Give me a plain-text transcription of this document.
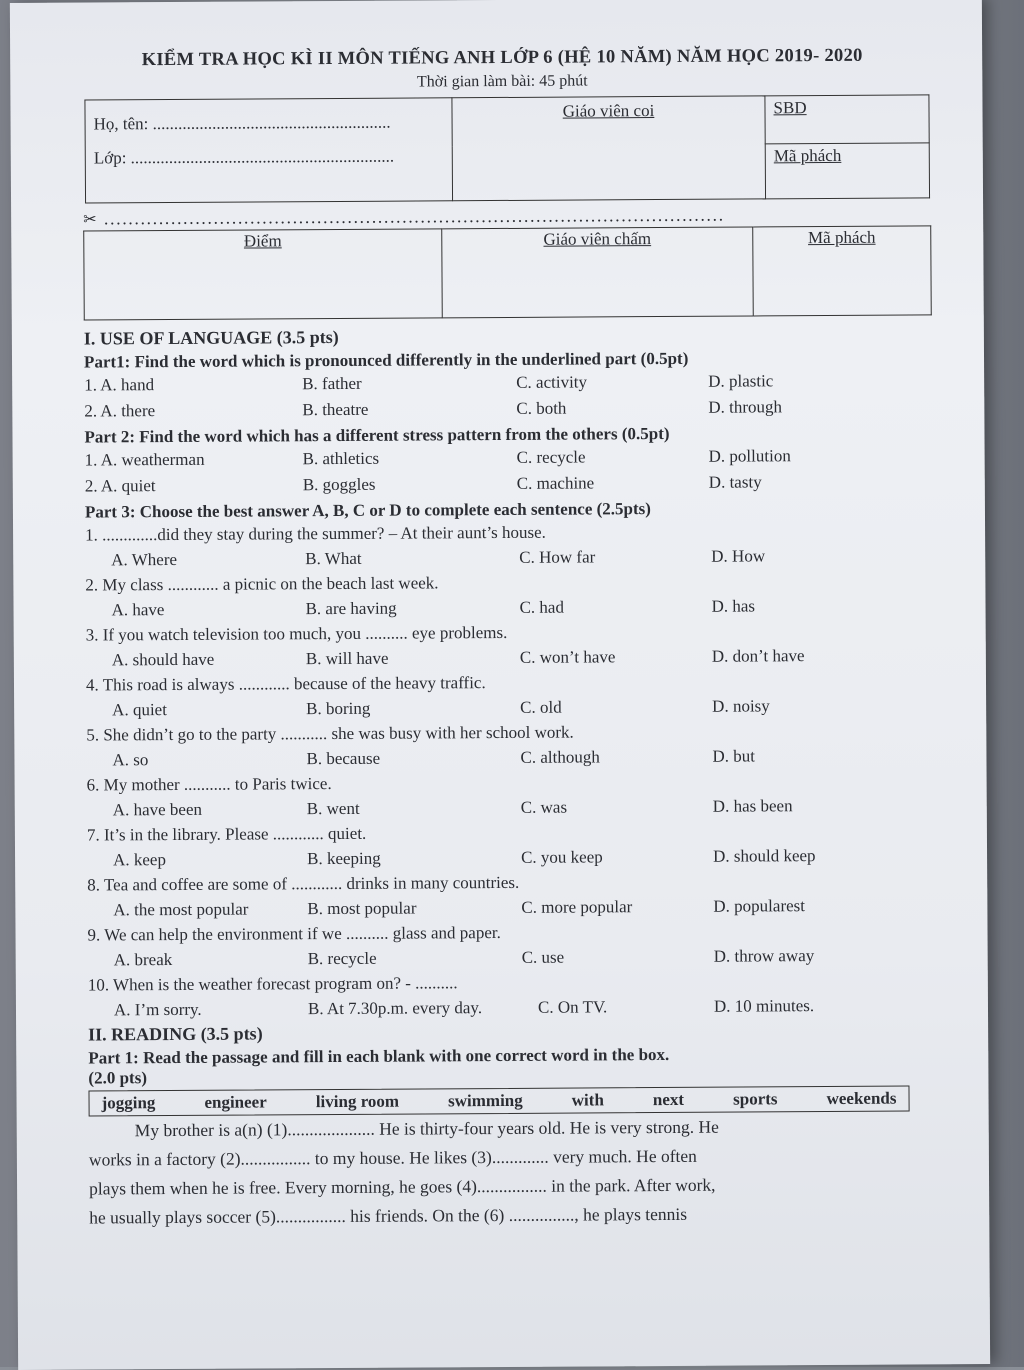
KIỂM TRA HỌC KÌ II MÔN TIẾNG ANH LỚP 6 (HỆ 10 NĂM) NĂM HỌC 2019- 2020
Thời gian làm bài: 45 phút
Họ, tên: ........................................................
Lớp: ..............................................................
	Giáo viên coi	SBD
Mã phách
✂ ......................................................................................................
Điểm	Giáo viên chấm	Mã phách
I. USE OF LANGUAGE (3.5 pts)
Part1: Find the word which is pronounced differently in the underlined part (0.5pt)
1. A. hand	B. father	C. activity	D. plastic
2. A. there	B. theatre	C. both	D. through
Part 2: Find the word which has a different stress pattern from the others (0.5pt)
1. A. weatherman	B. athletics	C. recycle	D. pollution
2. A. quiet	B. goggles	C. machine	D. tasty
Part 3: Choose the best answer A, B, C or D to complete each sentence (2.5pts)
1. .............did they stay during the summer? – At their aunt’s house.
A. Where	B. What	C. How far	D. How
2. My class ............ a picnic on the beach last week.
A. have	B. are having	C. had	D. has
3. If you watch television too much, you .......... eye problems.
A. should have	B. will have	C. won’t have	D. don’t have
4. This road is always ............ because of the heavy traffic.
A. quiet	B. boring	C. old	D. noisy
5. She didn’t go to the party ........... she was busy with her school work.
A. so	B. because	C. although	D. but
6. My mother ........... to Paris twice.
A. have been	B. went	C. was	D. has been
7. It’s in the library. Please ............ quiet.
A. keep	B. keeping	C. you keep	D. should keep
8. Tea and coffee are some of ............ drinks in many countries.
A. the most popular	B. most popular	C. more popular	D. popularest
9. We can help the environment if we .......... glass and paper.
A. break	B. recycle	C. use	D. throw away
10. When is the weather forecast program on? - ..........
A. I’m sorry.	B. At 7.30p.m. every day.	C. On TV.	D. 10 minutes.
II. READING (3.5 pts)
Part 1: Read the passage and fill in each blank with one correct word in the box.
(2.0 pts)
jogging	engineer	living room	swimming	with	next	sports	weekends
My brother is a(n) (1).................... He is thirty-four years old. He is very strong. He
works in a factory (2)................ to my house. He likes (3)............. very much. He often
plays them when he is free. Every morning, he goes (4)................ in the park. After work,
he usually plays soccer (5)................ his friends. On the (6) ..............., he plays tennis
